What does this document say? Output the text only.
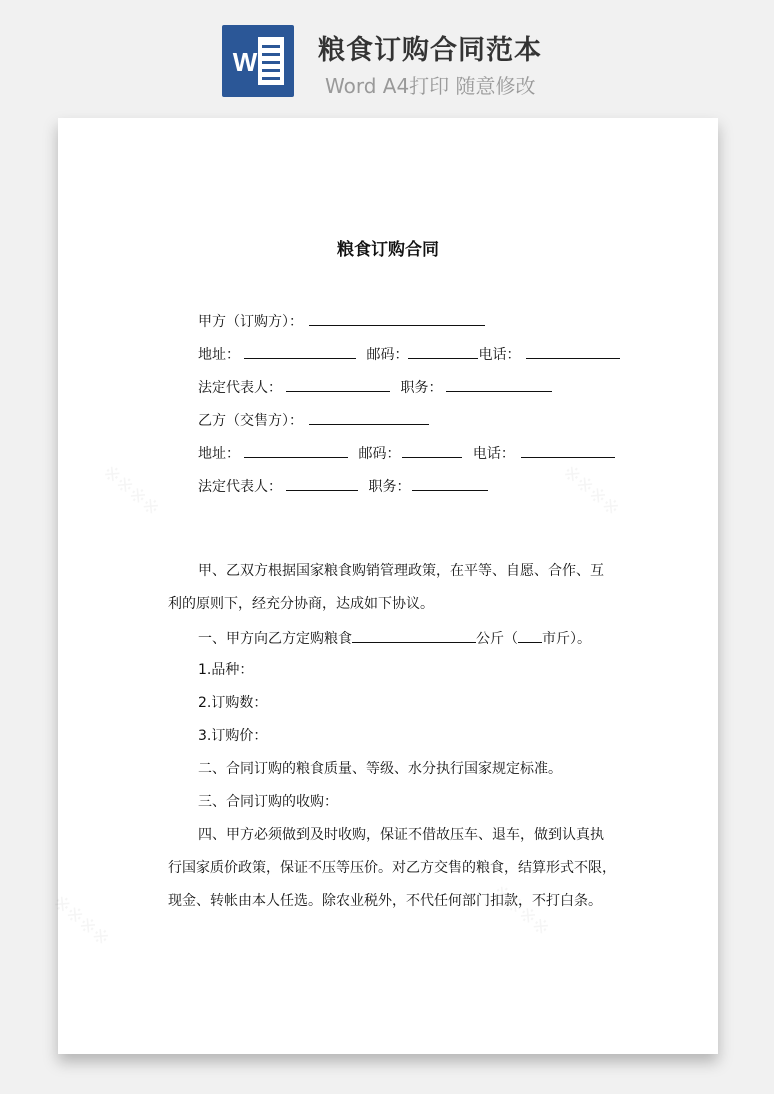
W 粮食订购合同范本
Word A4打印 随意修改
粮食订购合同
甲方（订购方）：
地址：	邮码：	电话：
法定代表人：	职务：
乙方（交售方）：
地址：	邮码：	电话：
法定代表人：	职务：
甲、乙双方根据国家粮食购销管理政策，在平等、自愿、合作、互
利的原则下，经充分协商，达成如下协议。
一、甲方向乙方定购粮食	公斤（ 市斤）。
1.品种：
2.订购数：
3.订购价：
二、合同订购的粮食质量、等级、水分执行国家规定标准。
三、合同订购的收购：
四、甲方必须做到及时收购，保证不借故压车、退车，做到认真执
行国家质价政策，保证不压等压价。对乙方交售的粮食，结算形式不限，
现金、转帐由本人任选。除农业税外，不代任何部门扣款，不打白条。
